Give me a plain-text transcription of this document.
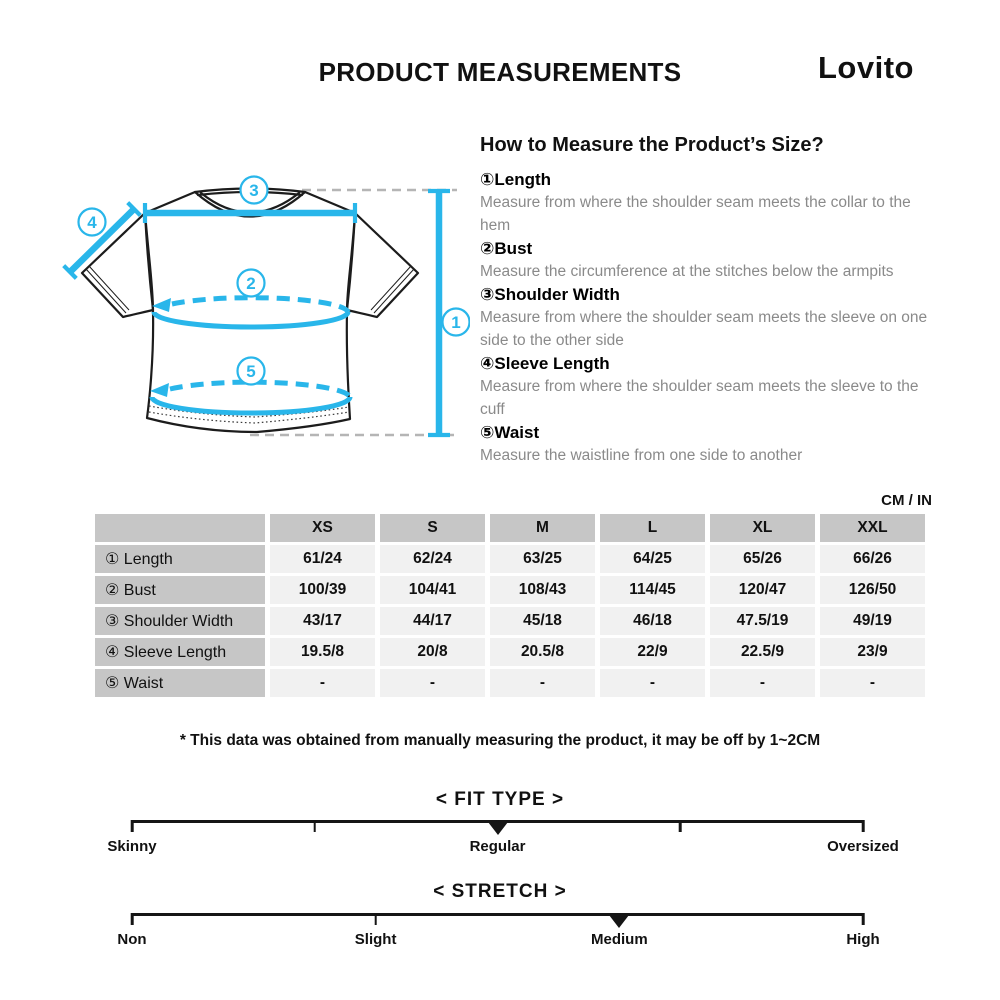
PRODUCT MEASUREMENTS	Lovito
1
2
3
4
5
How to Measure the Product’s Size?
①Length

Measure from where the shoulder seam meets the collar to the hem

②Bust

Measure the circumference at the stitches below the armpits

③Shoulder Width

Measure from where the shoulder seam meets the sleeve on one side to the other side

④Sleeve Length

Measure from where the shoulder seam meets the sleeve to the cuff

⑤Waist

Measure the waistline from one side to another

CM / IN
	XS	S	M	L	XL	XXL
① Length	61/24	62/24	63/25	64/25	65/26	66/26
② Bust	100/39	104/41	108/43	114/45	120/47	126/50
③ Shoulder Width	43/17	44/17	45/18	46/18	47.5/19	49/19
④ Sleeve Length	19.5/8	20/8	20.5/8	22/9	22.5/9	23/9
⑤ Waist	-	-	-	-	-	-
* This data was obtained from manually measuring the product, it may be off by 1~2CM
< FIT TYPE >
Skinny	Regular	Oversized
< STRETCH >
Non	Slight	Medium	High
